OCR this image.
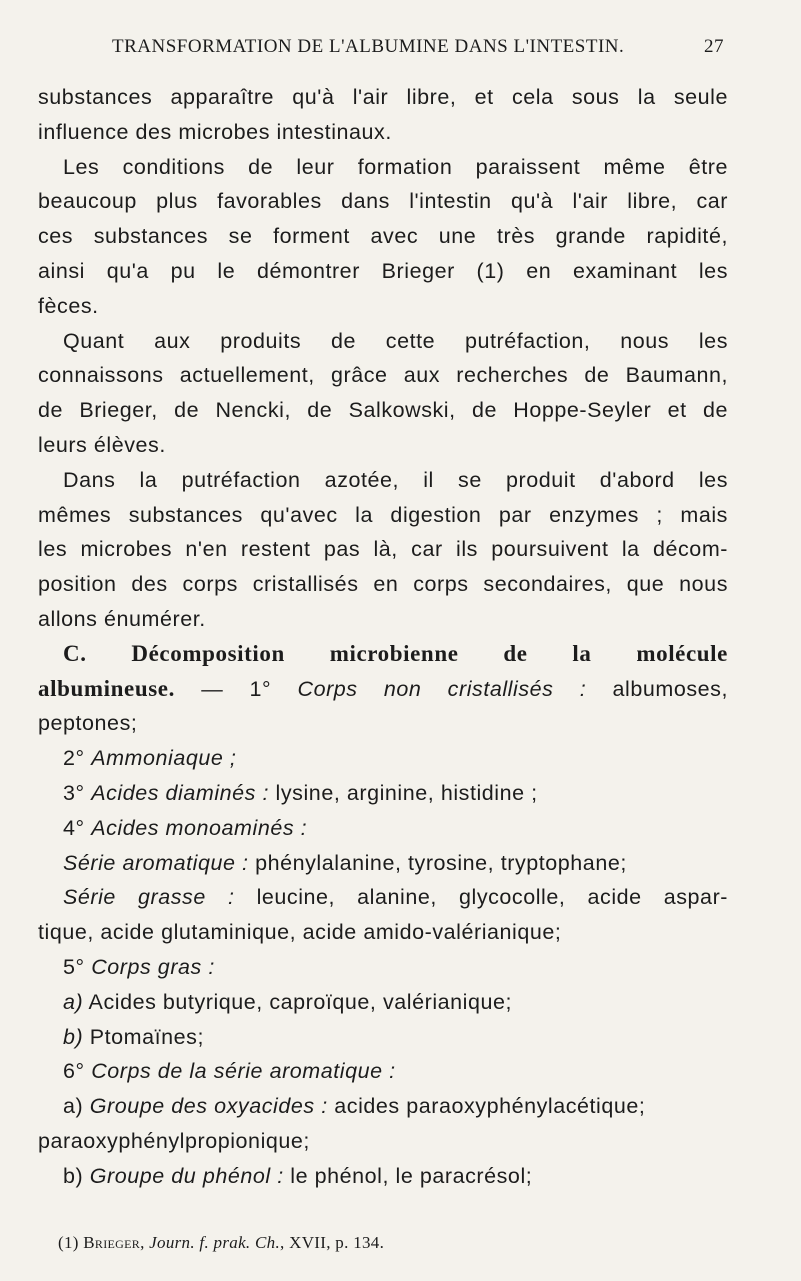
TRANSFORMATION DE L'ALBUMINE DANS L'INTESTIN.	27
substances apparaître qu'à l'air libre, et cela sous la seule
influence des microbes intestinaux.
Les conditions de leur formation paraissent même être
beaucoup plus favorables dans l'intestin qu'à l'air libre, car
ces substances se forment avec une très grande rapidité,
ainsi qu'a pu le démontrer Brieger (1) en examinant les
fèces.
Quant aux produits de cette putréfaction, nous les
connaissons actuellement, grâce aux recherches de Baumann,
de Brieger, de Nencki, de Salkowski, de Hoppe-Seyler et de
leurs élèves.
Dans la putréfaction azotée, il se produit d'abord les
mêmes substances qu'avec la digestion par enzymes ; mais
les microbes n'en restent pas là, car ils poursuivent la décom-
position des corps cristallisés en corps secondaires, que nous
allons énumérer.
C. Décomposition microbienne de la molécule
albumineuse. — 1° Corps non cristallisés : albumoses,
peptones;
2° Ammoniaque ;
3° Acides diaminés : lysine, arginine, histidine ;
4° Acides monoaminés :
Série aromatique : phénylalanine, tyrosine, tryptophane;
Série grasse : leucine, alanine, glycocolle, acide aspar-
tique, acide glutaminique, acide amido-valérianique;
5° Corps gras :
a) Acides butyrique, caproïque, valérianique;
b) Ptomaïnes;
6° Corps de la série aromatique :
a) Groupe des oxyacides : acides paraoxyphénylacétique;
paraoxyphénylpropionique;
b) Groupe du phénol : le phénol, le paracrésol;
(1) Brieger, Journ. f. prak. Ch., XVII, p. 134.
